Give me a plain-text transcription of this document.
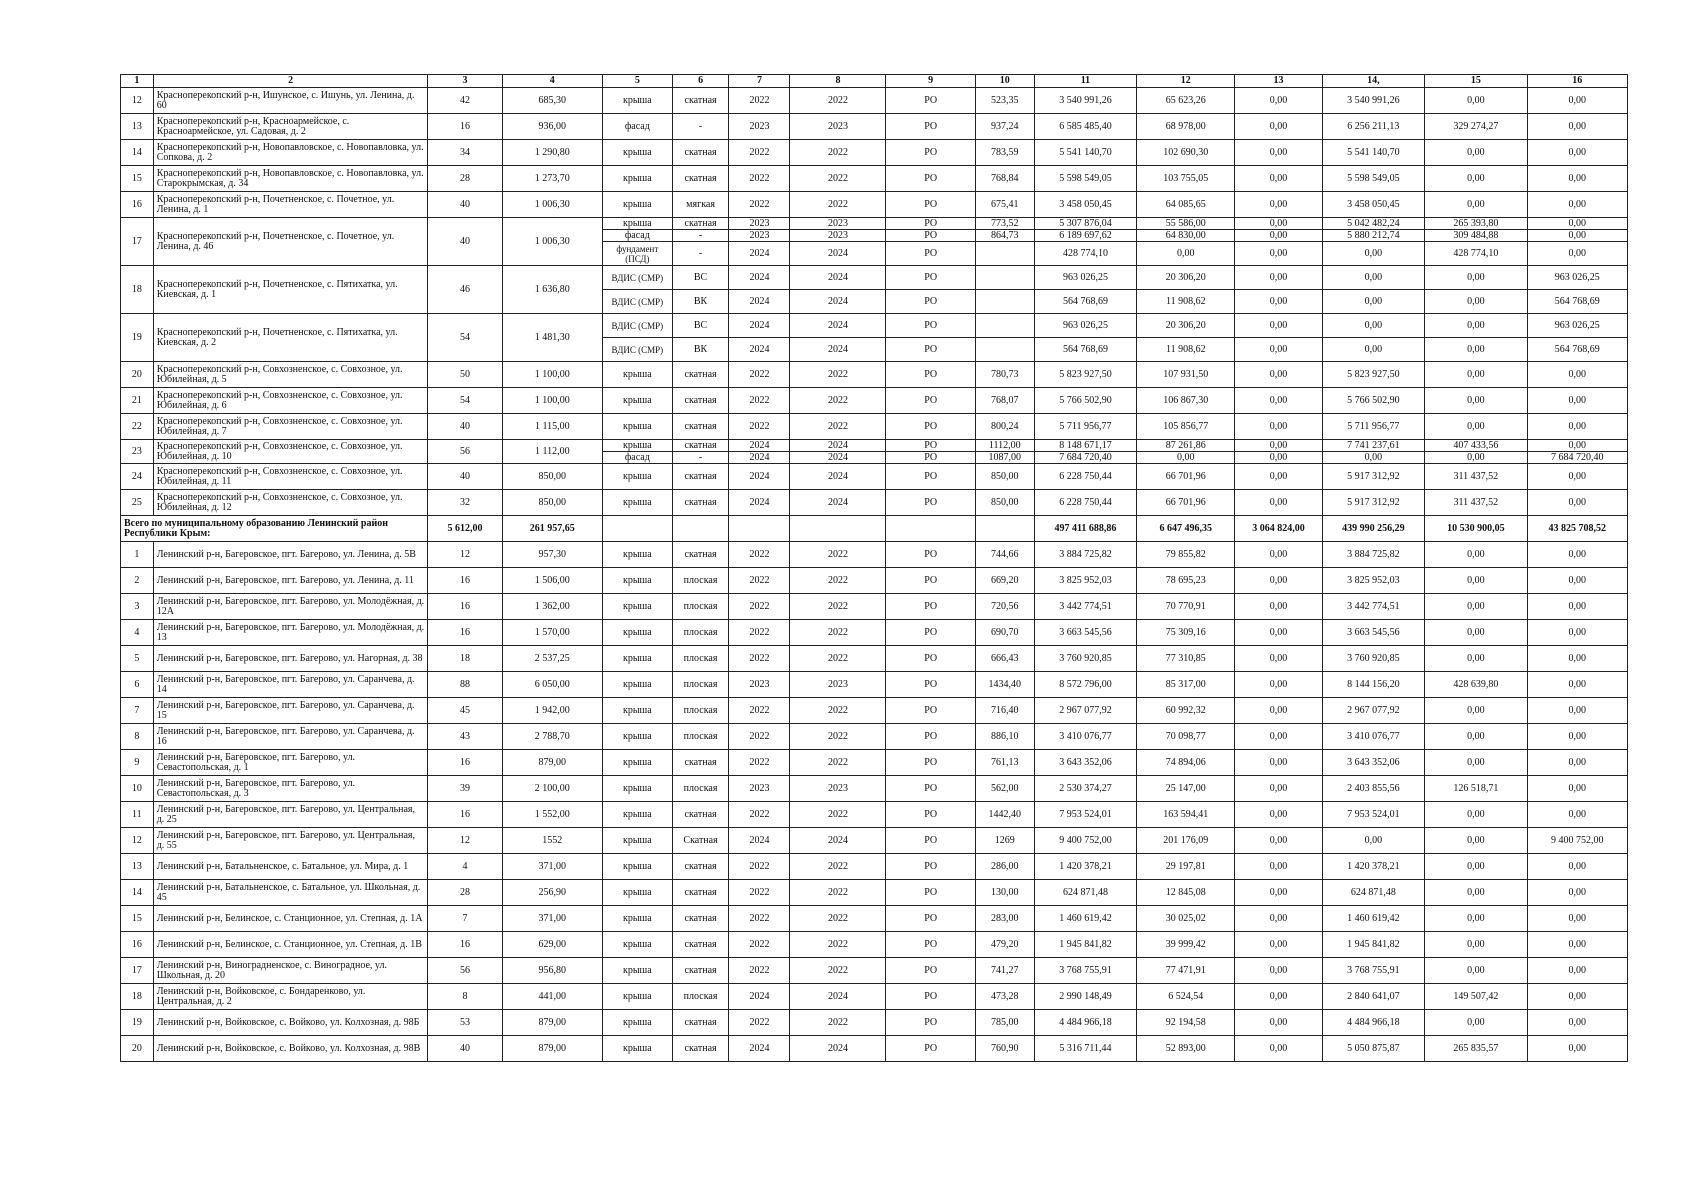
1	2	3	4	5	6	7	8	9	10	11	12	13	14,	15	16
12	Красноперекопский р-н, Ишунское, с. Ишунь, ул. Ленина, д. 60	42	685,30	крыша	скатная	2022	2022	РО	523,35	3 540 991,26	65 623,26	0,00	3 540 991,26	0,00	0,00
13	Красноперекопский р-н, Красноармейское, с. Красноармейское, ул. Садовая, д. 2	16	936,00	фасад	-	2023	2023	РО	937,24	6 585 485,40	68 978,00	0,00	6 256 211,13	329 274,27	0,00
14	Красноперекопский р-н, Новопавловское, с. Новопавловка, ул. Сопкова, д. 2	34	1 290,80	крыша	скатная	2022	2022	РО	783,59	5 541 140,70	102 690,30	0,00	5 541 140,70	0,00	0,00
15	Красноперекопский р-н, Новопавловское, с. Новопавловка, ул. Старокрымская, д. 34	28	1 273,70	крыша	скатная	2022	2022	РО	768,84	5 598 549,05	103 755,05	0,00	5 598 549,05	0,00	0,00
16	Красноперекопский р-н, Почетненское, с. Почетное, ул. Ленина, д. 1	40	1 006,30	крыша	мягкая	2022	2022	РО	675,41	3 458 050,45	64 085,65	0,00	3 458 050,45	0,00	0,00
17	Красноперекопский р-н, Почетненское, с. Почетное, ул. Ленина, д. 46	40	1 006,30	крыша	скатная	2023	2023	РО	773,52	5 307 876,04	55 586,00	0,00	5 042 482,24	265 393,80	0,00
				фасад	-	2023	2023	РО	864,73	6 189 697,62	64 830,00	0,00	5 880 212,74	309 484,88	0,00
				фундамент (ПСД)	-	2024	2024	РО		428 774,10	0,00	0,00	0,00	428 774,10	0,00
18	Красноперекопский р-н, Почетненское, с. Пятихатка, ул. Киевская, д. 1	46	1 636,80	ВДИС (СМР)	ВС	2024	2024	РО		963 026,25	20 306,20	0,00	0,00	0,00	963 026,25
				ВДИС (СМР)	ВК	2024	2024	РО		564 768,69	11 908,62	0,00	0,00	0,00	564 768,69
19	Красноперекопский р-н, Почетненское, с. Пятихатка, ул. Киевская, д. 2	54	1 481,30	ВДИС (СМР)	ВС	2024	2024	РО		963 026,25	20 306,20	0,00	0,00	0,00	963 026,25
				ВДИС (СМР)	ВК	2024	2024	РО		564 768,69	11 908,62	0,00	0,00	0,00	564 768,69
20	Красноперекопский р-н, Совхозненское, с. Совхозное, ул. Юбилейная, д. 5	50	1 100,00	крыша	скатная	2022	2022	РО	780,73	5 823 927,50	107 931,50	0,00	5 823 927,50	0,00	0,00
21	Красноперекопский р-н, Совхозненское, с. Совхозное, ул. Юбилейная, д. 6	54	1 100,00	крыша	скатная	2022	2022	РО	768,07	5 766 502,90	106 867,30	0,00	5 766 502,90	0,00	0,00
22	Красноперекопский р-н, Совхозненское, с. Совхозное, ул. Юбилейная, д. 7	40	1 115,00	крыша	скатная	2022	2022	РО	800,24	5 711 956,77	105 856,77	0,00	5 711 956,77	0,00	0,00
23	Красноперекопский р-н, Совхозненское, с. Совхозное, ул. Юбилейная, д. 10	56	1 112,00	крыша	скатная	2024	2024	РО	1112,00	8 148 671,17	87 261,86	0,00	7 741 237,61	407 433,56	0,00
				фасад	-	2024	2024	РО	1087,00	7 684 720,40	0,00	0,00	0,00	0,00	7 684 720,40
24	Красноперекопский р-н, Совхозненское, с. Совхозное, ул. Юбилейная, д. 11	40	850,00	крыша	скатная	2024	2024	РО	850,00	6 228 750,44	66 701,96	0,00	5 917 312,92	311 437,52	0,00
25	Красноперекопский р-н, Совхозненское, с. Совхозное, ул. Юбилейная, д. 12	32	850,00	крыша	скатная	2024	2024	РО	850,00	6 228 750,44	66 701,96	0,00	5 917 312,92	311 437,52	0,00
Всего по муниципальному образованию Ленинский район Республики Крым:		5 612,00	261 957,65							497 411 688,86	6 647 496,35	3 064 824,00	439 990 256,29	10 530 900,05	43 825 708,52
1	Ленинский р-н, Багеровское, пгт. Багерово, ул. Ленина, д. 5В	12	957,30	крыша	скатная	2022	2022	РО	744,66	3 884 725,82	79 855,82	0,00	3 884 725,82	0,00	0,00
2	Ленинский р-н, Багеровское, пгт. Багерово, ул. Ленина, д. 11	16	1 506,00	крыша	плоская	2022	2022	РО	669,20	3 825 952,03	78 695,23	0,00	3 825 952,03	0,00	0,00
3	Ленинский р-н, Багеровское, пгт. Багерово, ул. Молодёжная, д. 12А	16	1 362,00	крыша	плоская	2022	2022	РО	720,56	3 442 774,51	70 770,91	0,00	3 442 774,51	0,00	0,00
4	Ленинский р-н, Багеровское, пгт. Багерово, ул. Молодёжная, д. 13	16	1 570,00	крыша	плоская	2022	2022	РО	690,70	3 663 545,56	75 309,16	0,00	3 663 545,56	0,00	0,00
5	Ленинский р-н, Багеровское, пгт. Багерово, ул. Нагорная, д. 38	18	2 537,25	крыша	плоская	2022	2022	РО	666,43	3 760 920,85	77 310,85	0,00	3 760 920,85	0,00	0,00
6	Ленинский р-н, Багеровское, пгт. Багерово, ул. Саранчева, д. 14	88	6 050,00	крыша	плоская	2023	2023	РО	1434,40	8 572 796,00	85 317,00	0,00	8 144 156,20	428 639,80	0,00
7	Ленинский р-н, Багеровское, пгт. Багерово, ул. Саранчева, д. 15	45	1 942,00	крыша	плоская	2022	2022	РО	716,40	2 967 077,92	60 992,32	0,00	2 967 077,92	0,00	0,00
8	Ленинский р-н, Багеровское, пгт. Багерово, ул. Саранчева, д. 16	43	2 788,70	крыша	плоская	2022	2022	РО	886,10	3 410 076,77	70 098,77	0,00	3 410 076,77	0,00	0,00
9	Ленинский р-н, Багеровское, пгт. Багерово, ул. Севастопольская, д. 1	16	879,00	крыша	скатная	2022	2022	РО	761,13	3 643 352,06	74 894,06	0,00	3 643 352,06	0,00	0,00
10	Ленинский р-н, Багеровское, пгт. Багерово, ул. Севастопольская, д. 3	39	2 100,00	крыша	плоская	2023	2023	РО	562,00	2 530 374,27	25 147,00	0,00	2 403 855,56	126 518,71	0,00
11	Ленинский р-н, Багеровское, пгт. Багерово, ул. Центральная, д. 25	16	1 552,00	крыша	скатная	2022	2022	РО	1442,40	7 953 524,01	163 594,41	0,00	7 953 524,01	0,00	0,00
12	Ленинский р-н, Багеровское, пгт. Багерово, ул. Центральная, д. 55	12	1552	крыша	Скатная	2024	2024	РО	1269	9 400 752,00	201 176,09	0,00	0,00	0,00	9 400 752,00
13	Ленинский р-н, Батальненское, с. Батальное, ул. Мира, д. 1	4	371,00	крыша	скатная	2022	2022	РО	286,00	1 420 378,21	29 197,81	0,00	1 420 378,21	0,00	0,00
14	Ленинский р-н, Батальненское, с. Батальное, ул. Школьная, д. 45	28	256,90	крыша	скатная	2022	2022	РО	130,00	624 871,48	12 845,08	0,00	624 871,48	0,00	0,00
15	Ленинский р-н, Белинское, с. Станционное, ул. Степная, д. 1А	7	371,00	крыша	скатная	2022	2022	РО	283,00	1 460 619,42	30 025,02	0,00	1 460 619,42	0,00	0,00
16	Ленинский р-н, Белинское, с. Станционное, ул. Степная, д. 1В	16	629,00	крыша	скатная	2022	2022	РО	479,20	1 945 841,82	39 999,42	0,00	1 945 841,82	0,00	0,00
17	Ленинский р-н, Виноградненское, с. Виноградное, ул. Школьная, д. 20	56	956,80	крыша	скатная	2022	2022	РО	741,27	3 768 755,91	77 471,91	0,00	3 768 755,91	0,00	0,00
18	Ленинский р-н, Войковское, с. Бондаренково, ул. Центральная, д. 2	8	441,00	крыша	плоская	2024	2024	РО	473,28	2 990 148,49	6 524,54	0,00	2 840 641,07	149 507,42	0,00
19	Ленинский р-н, Войковское, с. Войково, ул. Колхозная, д. 98Б	53	879,00	крыша	скатная	2022	2022	РО	785,00	4 484 966,18	92 194,58	0,00	4 484 966,18	0,00	0,00
20	Ленинский р-н, Войковское, с. Войково, ул. Колхозная, д. 98В	40	879,00	крыша	скатная	2024	2024	РО	760,90	5 316 711,44	52 893,00	0,00	5 050 875,87	265 835,57	0,00
